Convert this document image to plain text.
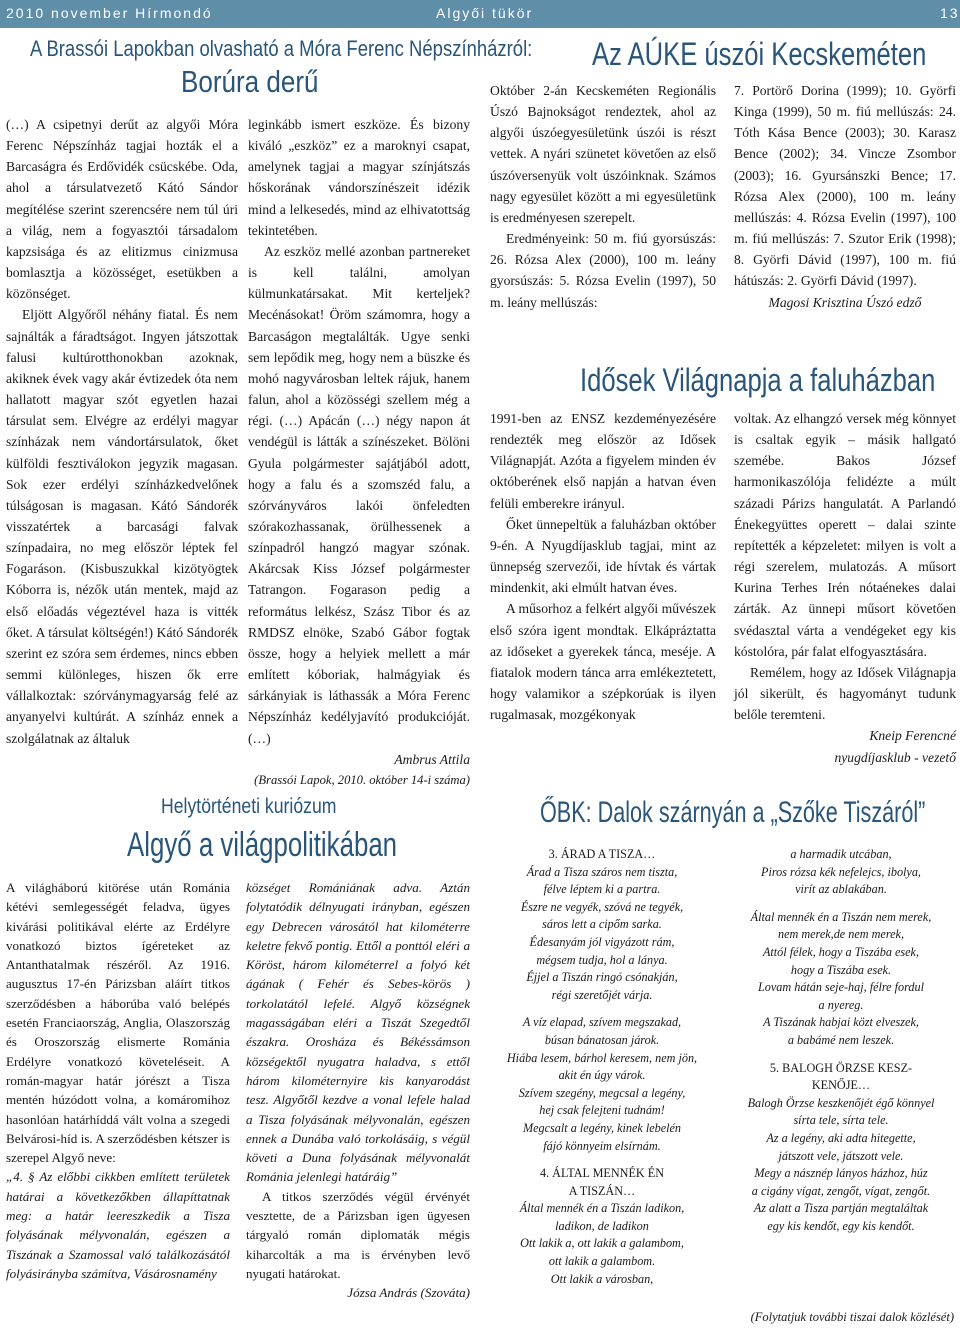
2010 november Hírmondó	Algyői tükör	13
A Brassói Lapokban olvasható a Móra Ferenc Népszínházról:
Borúra derű

(…) A csipetnyi derűt az algyői Móra Ferenc Népszínház tagjai hozták el a Barcaságra és Erdővidék csücskébe. Oda, ahol a társulatvezető Kátó Sándor megítélése szerint szerencsére nem túl úri a világ, nem a fogyasztói társadalom kapzsisága és az elitizmus cinizmusa bomlasztja a közösséget, esetükben a közönséget.

Eljött Algyőről néhány fiatal. És nem sajnálták a fáradtságot. Ingyen játszottak falusi kultúrotthonokban azoknak, akiknek évek vagy akár évtizedek óta nem hallatott magyar szót egyetlen hazai társulat sem. Elvégre az erdélyi magyar színházak nem vándortársulatok, őket külföldi fesztiválokon jegyzik magasan. Sok ezer erdélyi színházkedvelőnek túlságosan is magasan. Kátó Sándorék visszatértek a barcasági falvak színpadaira, no meg először léptek fel Fogaráson. (Kisbuszukkal kizötyögtek Kóborra is, nézők után mentek, majd az első előadás végeztével haza is vitték őket. A társulat költségén!) Kátó Sándorék szerint ez szóra sem érdemes, nincs ebben semmi különleges, hiszen ők erre vállalkoztak: szórványmagyarság felé az anyanyelvi kultúrát. A színház ennek a szolgálatnak az általuk

leginkább ismert eszköze. És bizony kiváló „eszköz” ez a maroknyi csapat, amelynek tagjai a magyar színjátszás hőskorának vándorszínészeit idézik mind a lelkesedés, mind az elhivatottság tekintetében.

Az eszköz mellé azonban partnereket is kell találni, amolyan külmunkatársakat. Mit kerteljek? Mecénásokat! Öröm számomra, hogy a Barcaságon megtalálták. Ugye senki sem lepődik meg, hogy nem a büszke és mohó nagyvárosban leltek rájuk, hanem falun, ahol a közösségi szellem még a régi. (…) Apácán (…) négy napon át vendégül is látták a színészeket. Bölöni Gyula polgármester sajátjából adott, hogy a falu és a szomszéd falu, a szórványváros lakói önfeledten szórakozhassanak, örülhessenek a színpadról hangzó magyar szónak. Akárcsak Kiss József polgármester Tatrangon. Fogarason pedig a református lelkész, Szász Tibor és az RMDSZ elnöke, Szabó Gábor fogtak össze, hogy a helyiek mellett a már említett kóboriak, halmágyiak és sárkányiak is láthassák a Móra Ferenc Népszínház kedélyjavító produkcióját. (…)

Ambrus Attila
(Brassói Lapok, 2010. október 14-i száma)
Az AÚKE úszói Kecskeméten

Október 2-án Kecskeméten Regionális Úszó Bajnokságot rendeztek, ahol az algyői úszóegyesületünk úszói is részt vettek. A nyári szünetet követően az első úszóversenyük volt úszóinknak. Számos nagy egyesület között a mi egyesületünk is eredményesen szerepelt.

Eredményeink: 50 m. fiú gyorsúszás: 26. Rózsa Alex (2000), 100 m. leány gyorsúszás: 5. Rózsa Evelin (1997), 50 m. leány mellúszás:

7. Portörő Dorina (1999); 10. Györfi Kinga (1999), 50 m. fiú mellúszás: 24. Tóth Kása Bence (2003); 30. Karasz Bence (2002); 34. Vincze Zsombor (2003); 16. Gyursánszki Bence; 17. Rózsa Alex (2000), 100 m. leány mellúszás: 4. Rózsa Evelin (1997), 100 m. fiú mellúszás: 7. Szutor Erik (1998); 8. Györfi Dávid (1997), 100 m. fiú hátúszás: 2. Györfi Dávid (1997).

Magosi Krisztina Úszó edző
Idősek Világnapja a faluházban

1991-ben az ENSZ kezdeményezésére rendezték meg először az Idősek Világnapját. Azóta a figyelem minden év októberének első napján a hatvan éven felüli emberekre irányul.

Őket ünnepeltük a faluházban október 9-én. A Nyugdíjasklub tagjai, mint az ünnepség szervezői, ide hívtak és vártak mindenkit, aki elmúlt hatvan éves.

A műsorhoz a felkért algyői művészek első szóra igent mondtak. Elkápráztatta az időseket a gyerekek tánca, meséje. A fiatalok modern tánca arra emlékeztetett, hogy valamikor a szépkorúak is ilyen rugalmasak, mozgékonyak

voltak. Az elhangzó versek még könnyet is csaltak egyik – másik hallgató szemébe. Bakos József harmonikaszólója felidézte a múlt századi Párizs hangulatát. A Parlandó Énekegyüttes operett – dalai szinte repítették a képzeletet: milyen is volt a régi szerelem, mulatozás. A műsort Kurina Terhes Irén nótaénekes dalai zárták. Az ünnepi műsort követően svédasztal várta a vendégeket egy kis kóstolóra, pár falat elfogyasztására.

Remélem, hogy az Idősek Világnapja jól sikerült, és hagyományt tudunk belőle teremteni.

Kneip Ferencné
nyugdíjasklub - vezető
Helytörténeti kuriózum
Algyő a világpolitikában

A világháború kitörése után Románia kétévi semlegességét feladva, ügyes kivárási politikával elérte az Erdélyre vonatkozó biztos ígéreteket az Antanthatalmak részéről. Az 1916. augusztus 17-én Párizsban aláírt titkos szerződésben a háborúba való belépés esetén Franciaország, Anglia, Olaszország és Oroszország elismerte Románia Erdélyre vonatkozó követeléseit. A román-magyar határ jórészt a Tisza mentén húzódott volna, a komáromihoz hasonlóan határhíddá vált volna a szegedi Belvárosi-híd is. A szerződésben kétszer is szerepel Algyő neve:

„4. § Az előbbi cikkben említett területek határai a következőkben állapíttatnak meg: a határ leereszkedik a Tisza folyásának mélyvonalán, egészen a Tiszának a Szamossal való találkozásától folyásirányba számítva, Vásárosnamény

községet Romániának adva. Aztán folytatódik délnyugati irányban, egészen egy Debrecen városától hat kilométerre keletre fekvő pontig. Ettől a ponttól eléri a Köröst, három kilométerrel a folyó két ágának ( Fehér és Sebes-körös ) torkolatától lefelé. Algyő községnek magasságában eléri a Tiszát Szegedtől északra. Orosháza és Békéssámson községektől nyugatra haladva, s ettől három kilométernyire kis kanyarodást tesz. Algyőtől kezdve a vonal lefele halad a Tisza folyásának mélyvonalán, egészen ennek a Dunába való torkolásáig, s végül követi a Duna folyásának mélyvonalát Románia jelenlegi határáig”

A titkos szerződés végül érvényét vesztette, de a Párizsban igen ügyesen tárgyaló román diplomaták mégis kiharcolták a ma is érvényben levő nyugati határokat.

Józsa András (Szováta)
ŐBK: Dalok szárnyán a „Szőke Tiszáról”

3. ÁRAD A TISZA…
Árad a Tisza száros nem tiszta,
félve léptem ki a partra.
Észre ne vegyék, szóvá ne tegyék,
sáros lett a cipőm sarka.
Édesanyám jól vigyázott rám,
mégsem tudja, hol a lánya.
Éjjel a Tiszán ringó csónakján,
régi szeretőjét várja.

A víz elapad, szívem megszakad,
búsan bánatosan járok.
Hiába lesem, bárhol keresem, nem jön,
akit én úgy várok.
Szívem szegény, megcsal a legény,
hej csak felejteni tudnám!
Megcsalt a legény, kinek lebelén
fájó könnyeim elsírnám.

4. ÁLTAL MENNÉK ÉN
A TISZÁN…
Által mennék én a Tiszán ladikon,
ladikon, de ladikon
Ott lakik a, ott lakik a galambom,
ott lakik a galambom.
Ott lakik a városban,

a harmadik utcában,
Piros rózsa kék nefelejcs, ibolya,
virít az ablakában.

Által mennék én a Tiszán nem merek,
nem merek,de nem merek,
Attól félek, hogy a Tiszába esek,
hogy a Tiszába esek.
Lovam hátán seje-haj, félre fordul
a nyereg.
A Tiszának habjai közt elveszek,
a babámé nem leszek.

5. BALOGH ÖRZSE KESZ-
KENŐJE…
Balogh Örzse keszkenőjét égő könnyel
sírta tele, sírta tele.
Az a legény, aki adta hitegette,
játszott vele, játszott vele.
Megy a násznép lányos házhoz, húz
a cigány vígat, zengőt, vígat, zengőt.
Az alatt a Tisza partján megtaláltak
egy kis kendőt, egy kis kendőt.

(Folytatjuk további tiszai dalok közlését)
